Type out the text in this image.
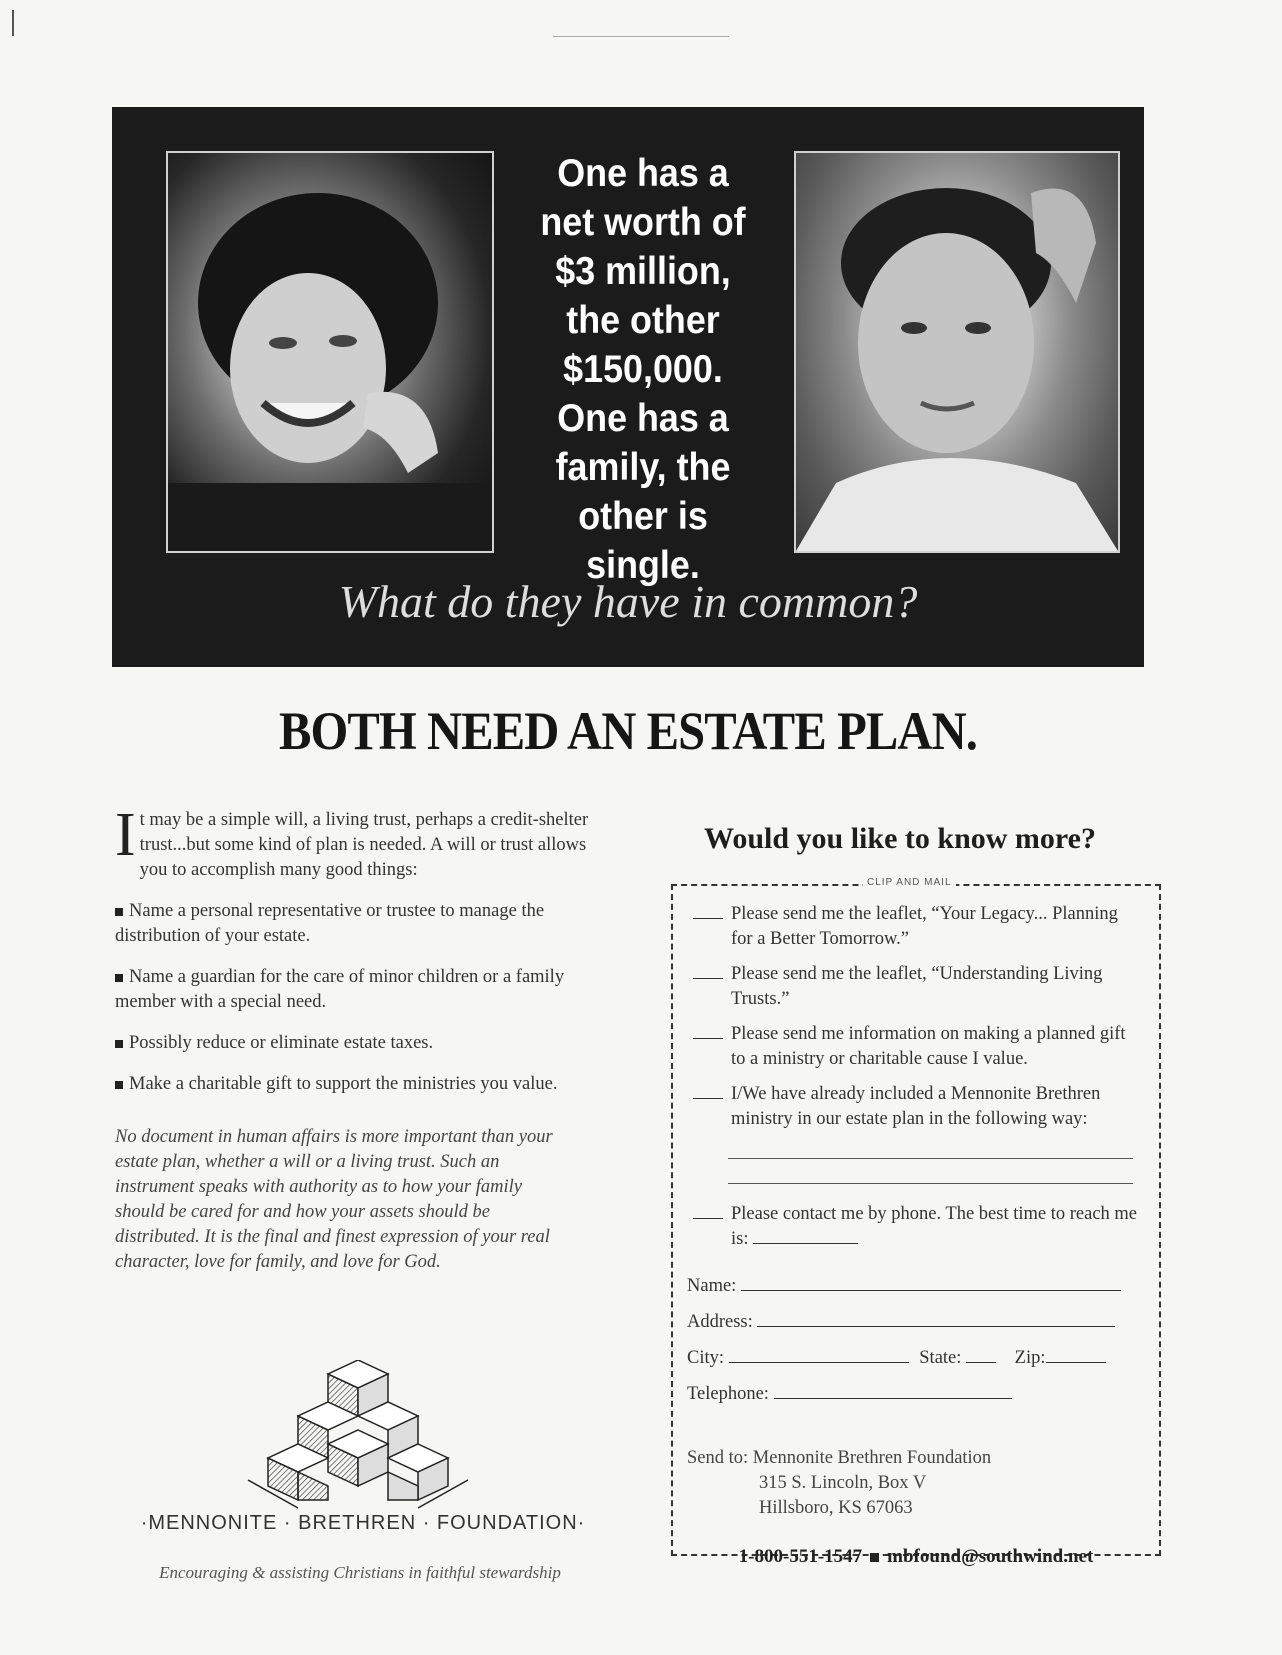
One has a
net worth of
$3 million,
the other
$150,000.
One has a
family, the
other is single.
What do they have in common?
BOTH NEED AN ESTATE PLAN.

It may be a simple will, a living trust, perhaps a credit-shelter trust...but some kind of plan is needed. A will or trust allows you to accomplish many good things:

Name a personal representative or trustee to manage the distribution of your estate.
Name a guardian for the care of minor children or a family member with a special need.
Possibly reduce or eliminate estate taxes.
Make a charitable gift to support the ministries you value.

No document in human affairs is more important than your estate plan, whether a will or a living trust. Such an instrument speaks with authority as to how your family should be cared for and how your assets should be distributed. It is the final and finest expression of your real character, love for family, and love for God.

·MENNONITE · BRETHREN · FOUNDATION·
Encouraging & assisting Christians in faithful stewardship
Would you like to know more?
CLIP AND MAIL
Please send me the leaflet, “Your Legacy... Planning for a Better Tomorrow.”
Please send me the leaflet, “Understanding Living Trusts.”
Please send me information on making a planned gift to a ministry or charitable cause I value.
I/We have already included a Mennonite Brethren ministry in our estate plan in the following way:
Please contact me by phone. The best time to reach me is:
Name:
Address:
City:	State:	Zip:
Telephone:
Send to: Mennonite Brethren Foundation
315 S. Lincoln, Box V
Hillsboro, KS 67063
1-800-551-1547 mbfound@southwind.net
